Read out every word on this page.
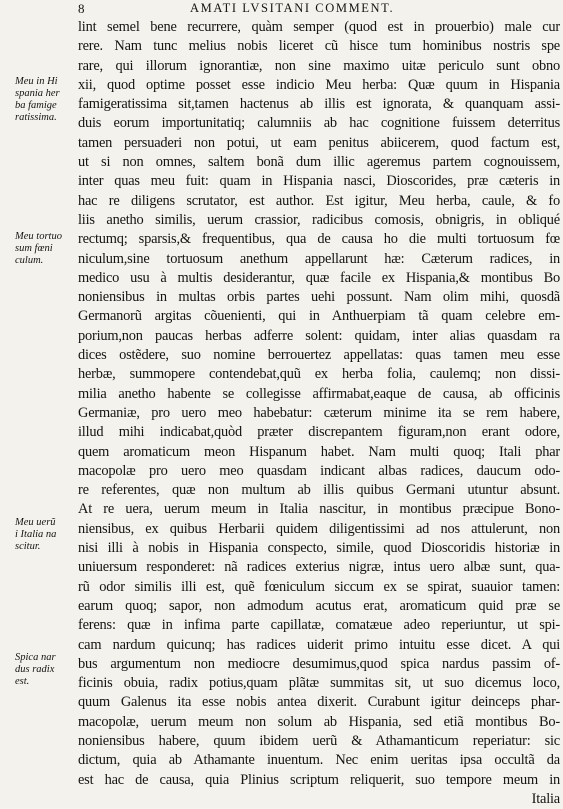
8	AMATI LVSITANI COMMENT.
Meu in Hi
spania her
ba famige
ratissima.
Meu tortuo
sum fœni
culum.
Meu uerũ
i Italia na
scitur.
Spica nar
dus radix
est.
lint semel bene recurrere, quàm semper (quod est in prouerbio) male cur
rere. Nam tunc melius nobis liceret cũ hisce tum hominibus nostris spe
rare, qui illorum ignorantiæ, non sine maximo uitæ periculo sunt obno
xii, quod optime posset esse indicio Meu herba: Quæ quum in Hispania
famigeratissima sit,tamen hactenus ab illis est ignorata, & quanquam assi-
duis eorum importunitatiq; calumniis ab hac cognitione fuissem deterritus
tamen persuaderi non potui, ut eam penitus abiicerem, quod factum est,
ut si non omnes, saltem bonã dum illic ageremus partem cognouissem,
inter quas meu fuit: quam in Hispania nasci, Dioscorides, præ cæteris in
hac re diligens scrutator, est author. Est igitur, Meu herba, caule, & fo
liis anetho similis, uerum crassior, radicibus comosis, obnigris, in obliqué
rectumq; sparsis,& frequentibus, qua de causa ho die multi tortuosum fœ
niculum,sine tortuosum anethum appellarunt hæ: Cæterum radices, in
medico usu à multis desiderantur, quæ facile ex Hispania,& montibus Bo
noniensibus in multas orbis partes uehi possunt. Nam olim mihi, quosdã
Germanorũ argitas cõuenienti, qui in Anthuerpiam tã quam celebre em-
porium,non paucas herbas adferre solent: quidam, inter alias quasdam ra
dices ostẽdere, suo nomine berrouertez appellatas: quas tamen meu esse
herbæ, summopere contendebat,quũ ex herba folia, caulemq; non dissi-
milia anetho habente se collegisse affirmabat,eaque de causa, ab officinis
Germaniæ, pro uero meo habebatur: cæterum minime ita se rem habere,
illud mihi indicabat,quòd præter discrepantem figuram,non erant odore,
quem aromaticum meon Hispanum habet. Nam multi quoq; Itali phar
macopolæ pro uero meo quasdam indicant albas radices, daucum odo-
re referentes, quæ non multum ab illis quibus Germani utuntur absunt.
At re uera, uerum meum in Italia nascitur, in montibus præcipue Bono-
niensibus, ex quibus Herbarii quidem diligentissimi ad nos attulerunt, non
nisi illi à nobis in Hispania conspecto, simile, quod Dioscoridis historiæ in
uniuersum responderet: nã radices exterius nigræ, intus uero albæ sunt, qua-
rũ odor similis illi est, quẽ fœniculum siccum ex se spirat, suauior tamen:
earum quoq; sapor, non admodum acutus erat, aromaticum quid præ se
ferens: quæ in infima parte capillatæ, comatæue adeo reperiuntur, ut spi-
cam nardum quicunq; has radices uiderit primo intuitu esse dicet. A qui
bus argumentum non mediocre desumimus,quod spica nardus passim of-
ficinis obuia, radix potius,quam plãtæ summitas sit, ut suo dicemus loco,
quum Galenus ita esse nobis antea dixerit. Curabunt igitur deinceps phar-
macopolæ, uerum meum non solum ab Hispania, sed etiã montibus Bo-
noniensibus habere, quum ibidem uerũ & Athamanticum reperiatur: sic
dictum, quia ab Athamante inuentum. Nec enim ueritas ipsa occultã da
est hac de causa, quia Plinius scriptum reliquerit, suo tempore meum in
Italia
